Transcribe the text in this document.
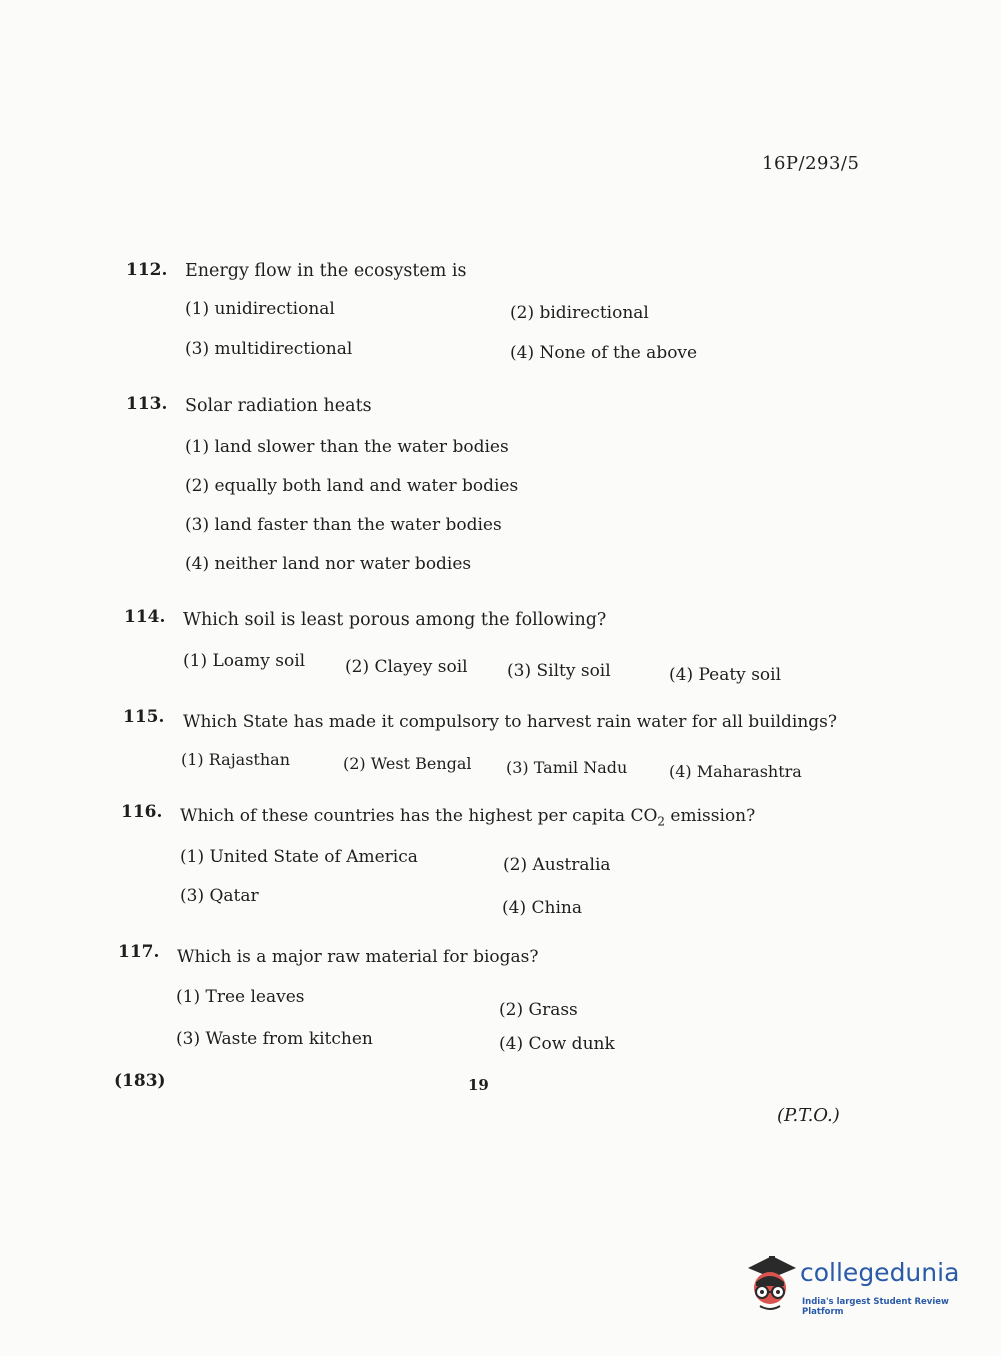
16P/293/5
112. Energy flow in the ecosystem is
(1) unidirectional	(2) bidirectional
(3) multidirectional	(4) None of the above
113. Solar radiation heats
(1) land slower than the water bodies
(2) equally both land and water bodies
(3) land faster than the water bodies
(4) neither land nor water bodies
114. Which soil is least porous among the following?
(1) Loamy soil (2) Clayey soil (3) Silty soil	(4) Peaty soil
115. Which State has made it compulsory to harvest rain water for all buildings?
(1) Rajasthan	(2) West Bengal (3) Tamil Nadu	(4) Maharashtra
116. Which of these countries has the highest per capita $CO_2$ emission?
(1) United State of America	(2) Australia
(3) Qatar
(4) China
117. Which is a major raw material for biogas?
(1) Tree leaves
(2) Grass
(3) Waste from kitchen	(4) Cow dunk
(183)	19
(P.T.O.)
collegedunia
India's largest Student Review Platform
